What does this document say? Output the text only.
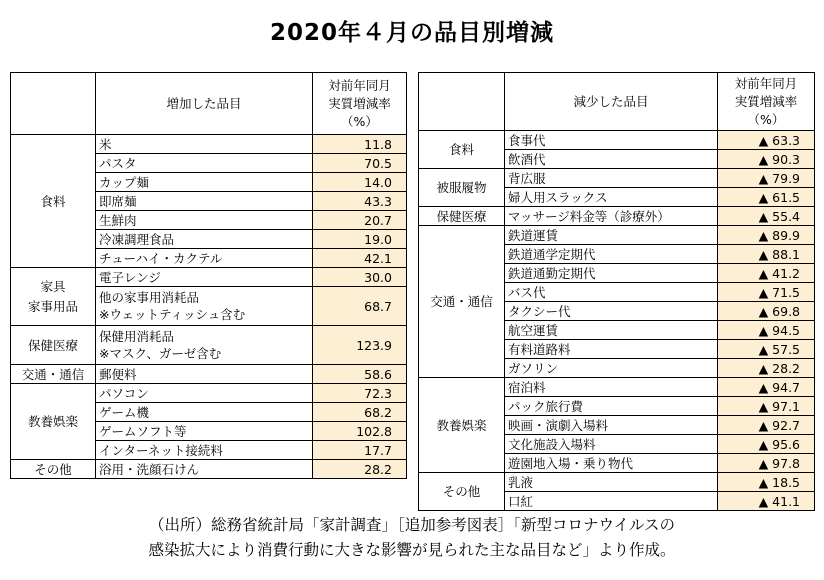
2020年４月の品目別増減
	増加した品目	対前年同月
実質増減率
（%）

食料	米	11.8
	パスタ	70.5
	カップ麺	14.0
	即席麺	43.3
	生鮮肉	20.7
	冷凍調理食品	19.0
	チューハイ・カクテル	42.1

家具
家事用品	電子レンジ	30.0

	他の家事用消耗品
※ウェットティッシュ含む	68.7
保健医療	保健用消耗品
※マスク、ガーゼ含む	123.9
交通・通信	郵便料	58.6
教養娯楽	パソコン	72.3
	ゲーム機	68.2
	ゲームソフト等	102.8
	インターネット接続料	17.7
その他	浴用・洗顔石けん	28.2
	減少した品目	対前年同月
実質増減率
（%）

食料	食事代	▲ 63.3
	飲酒代	▲ 90.3
被服履物	背広服	▲ 79.9
	婦人用スラックス	▲ 61.5
保健医療	マッサージ料金等（診療外）	▲ 55.4
交通・通信	鉄道運賃	▲ 89.9
	鉄道通学定期代	▲ 88.1
	鉄道通勤定期代	▲ 41.2
	バス代	▲ 71.5
	タクシー代	▲ 69.8
	航空運賃	▲ 94.5
	有料道路料	▲ 57.5
	ガソリン	▲ 28.2
教養娯楽	宿泊料	▲ 94.7
	パック旅行費	▲ 97.1
	映画・演劇入場料	▲ 92.7
	文化施設入場料	▲ 95.6
	遊園地入場・乗り物代	▲ 97.8
その他	乳液	▲ 18.5
	口紅	▲ 41.1
（出所）総務省統計局「家計調査」［追加参考図表］「新型コロナウイルスの
感染拡大により消費行動に大きな影響が見られた主な品目など」より作成。
